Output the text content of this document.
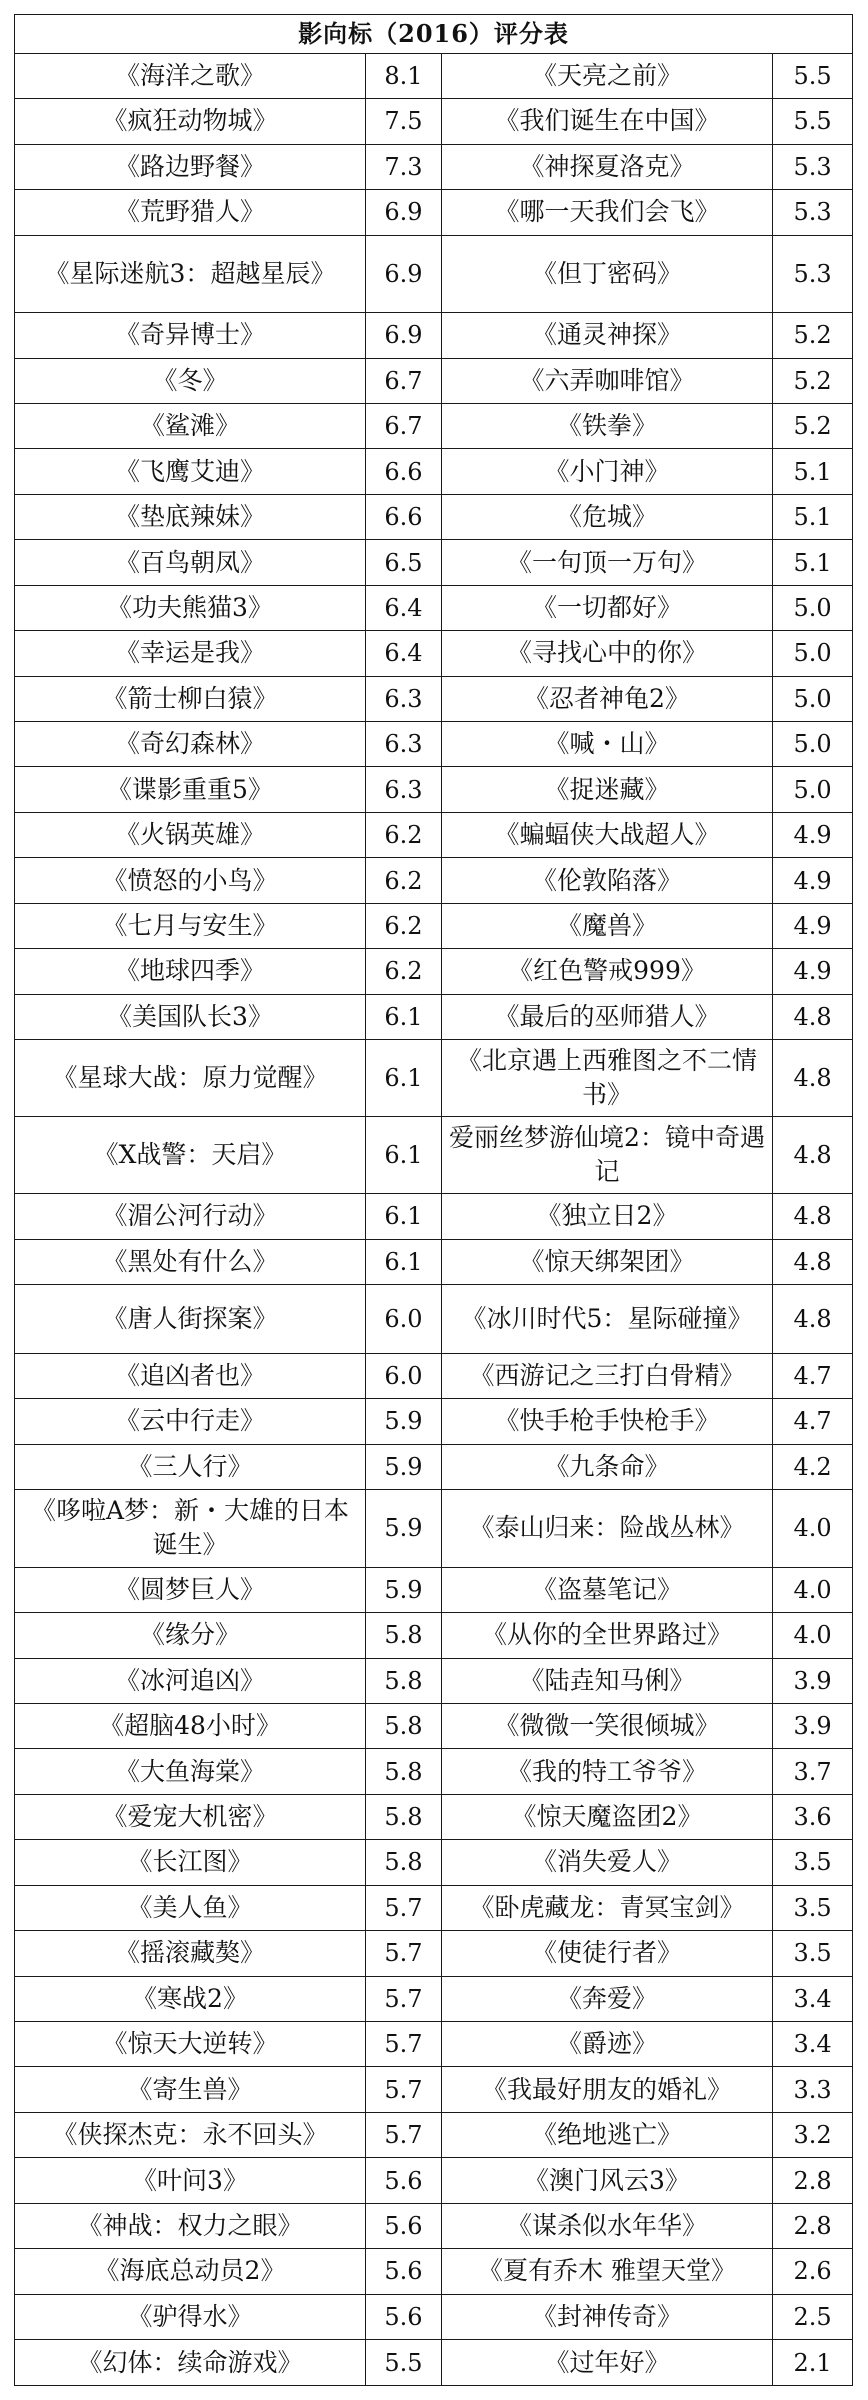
影向标（2016）评分表			
《海洋之歌》	8.1	《天亮之前》	5.5
《疯狂动物城》	7.5	《我们诞生在中国》	5.5
《路边野餐》	7.3	《神探夏洛克》	5.3
《荒野猎人》	6.9	《哪一天我们会飞》	5.3
《星际迷航3：超越星辰》	6.9	《但丁密码》	5.3
《奇异博士》	6.9	《通灵神探》	5.2
《冬》	6.7	《六弄咖啡馆》	5.2
《鲨滩》	6.7	《铁拳》	5.2
《飞鹰艾迪》	6.6	《小门神》	5.1
《垫底辣妹》	6.6	《危城》	5.1
《百鸟朝凤》	6.5	《一句顶一万句》	5.1
《功夫熊猫3》	6.4	《一切都好》	5.0
《幸运是我》	6.4	《寻找心中的你》	5.0
《箭士柳白猿》	6.3	《忍者神龟2》	5.0
《奇幻森林》	6.3	《喊・山》	5.0
《谍影重重5》	6.3	《捉迷藏》	5.0
《火锅英雄》	6.2	《蝙蝠侠大战超人》	4.9
《愤怒的小鸟》	6.2	《伦敦陷落》	4.9
《七月与安生》	6.2	《魔兽》	4.9
《地球四季》	6.2	《红色警戒999》	4.9
《美国队长3》	6.1	《最后的巫师猎人》	4.8
《星球大战：原力觉醒》	6.1	《北京遇上西雅图之不二情书》	4.8
《X战警：天启》	6.1	爱丽丝梦游仙境2：镜中奇遇记	4.8
《湄公河行动》	6.1	《独立日2》	4.8
《黑处有什么》	6.1	《惊天绑架团》	4.8
《唐人街探案》	6.0	《冰川时代5：星际碰撞》	4.8
《追凶者也》	6.0	《西游记之三打白骨精》	4.7
《云中行走》	5.9	《快手枪手快枪手》	4.7
《三人行》	5.9	《九条命》	4.2
《哆啦A梦：新・大雄的日本诞生》	5.9	《泰山归来：险战丛林》	4.0
《圆梦巨人》	5.9	《盗墓笔记》	4.0
《缘分》	5.8	《从你的全世界路过》	4.0
《冰河追凶》	5.8	《陆垚知马俐》	3.9
《超脑48小时》	5.8	《微微一笑很倾城》	3.9
《大鱼海棠》	5.8	《我的特工爷爷》	3.7
《爱宠大机密》	5.8	《惊天魔盗团2》	3.6
《长江图》	5.8	《消失爱人》	3.5
《美人鱼》	5.7	《卧虎藏龙：青冥宝剑》	3.5
《摇滚藏獒》	5.7	《使徒行者》	3.5
《寒战2》	5.7	《奔爱》	3.4
《惊天大逆转》	5.7	《爵迹》	3.4
《寄生兽》	5.7	《我最好朋友的婚礼》	3.3
《侠探杰克：永不回头》	5.7	《绝地逃亡》	3.2
《叶问3》	5.6	《澳门风云3》	2.8
《神战：权力之眼》	5.6	《谋杀似水年华》	2.8
《海底总动员2》	5.6	《夏有乔木 雅望天堂》	2.6
《驴得水》	5.6	《封神传奇》	2.5
《幻体：续命游戏》	5.5	《过年好》	2.1
